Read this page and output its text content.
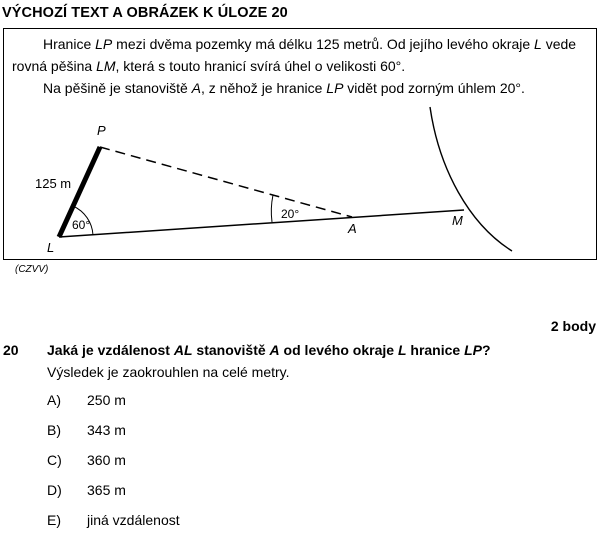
VÝCHOZÍ TEXT A OBRÁZEK K ÚLOZE 20

Hranice LP mezi dvěma pozemky má délku 125 metrů. Od jejího levého okraje L vede

rovná pěšina LM, která s touto hranicí svírá úhel o velikosti 60°.

Na pěšině je stanoviště A, z něhož je hranice LP vidět pod zorným úhlem 20°.

P
L
A
M
125 m
60°
20°
(CZVV)
2 body
20 Jaká je vzdálenost AL stanoviště A od levého okraje L hranice LP?
Výsledek je zaokrouhlen na celé metry.
A)	250 m
B)	343 m
C)	360 m
D)	365 m
E)	jiná vzdálenost
